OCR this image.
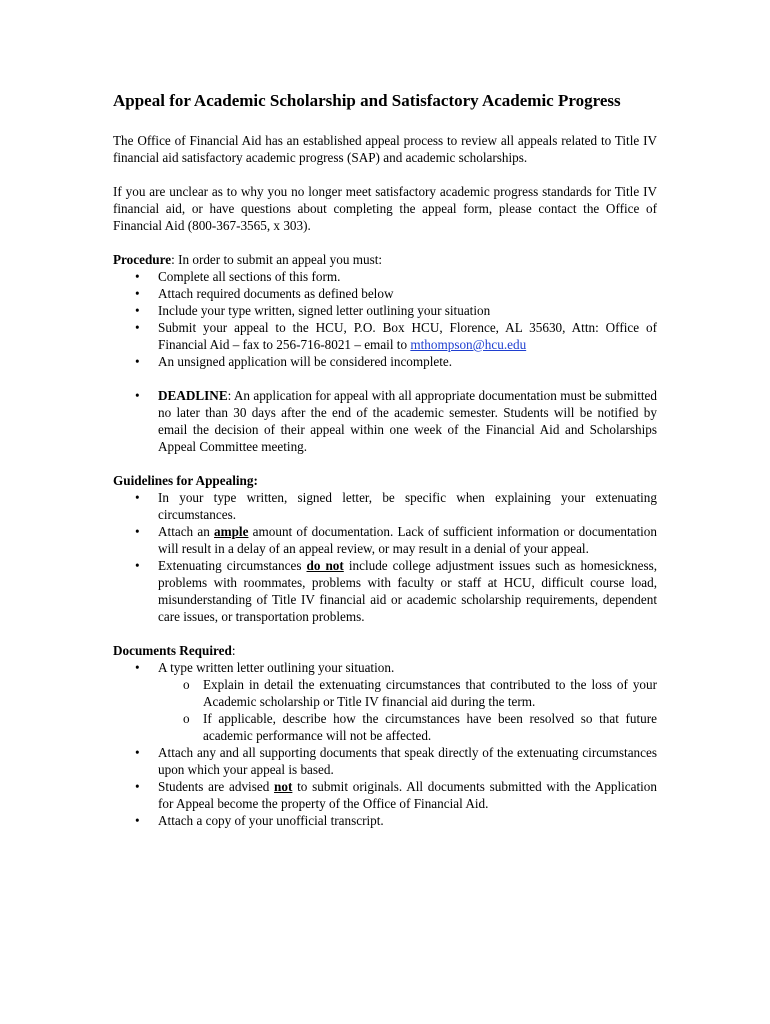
Appeal for Academic Scholarship and Satisfactory Academic Progress

The Office of Financial Aid has an established appeal process to review all appeals related to Title IV financial aid satisfactory academic progress (SAP) and academic scholarships.

If you are unclear as to why you no longer meet satisfactory academic progress standards for Title IV financial aid, or have questions about completing the appeal form, please contact the Office of Financial Aid (800-367-3565, x 303).

Procedure: In order to submit an appeal you must:

•	Complete all sections of this form.
•	Attach required documents as defined below
•	Include your type written, signed letter outlining your situation
•	Submit your appeal to the HCU, P.O. Box HCU, Florence, AL 35630, Attn: Office of Financial Aid – fax to 256-716-8021 – email to mthompson@hcu.edu
•	An unsigned application will be considered incomplete.
•	DEADLINE: An application for appeal with all appropriate documentation must be submitted no later than 30 days after the end of the academic semester. Students will be notified by email the decision of their appeal within one week of the Financial Aid and Scholarships Appeal Committee meeting.

Guidelines for Appealing:

•	In your type written, signed letter, be specific when explaining your extenuating circumstances.
•	Attach an ample amount of documentation. Lack of sufficient information or documentation will result in a delay of an appeal review, or may result in a denial of your appeal.
•	Extenuating circumstances do not include college adjustment issues such as homesickness, problems with roommates, problems with faculty or staff at HCU, difficult course load, misunderstanding of Title IV financial aid or academic scholarship requirements, dependent care issues, or transportation problems.

Documents Required:

•	A type written letter outlining your situation.
o Explain in detail the extenuating circumstances that contributed to the loss of your Academic scholarship or Title IV financial aid during the term.
o If applicable, describe how the circumstances have been resolved so that future academic performance will not be affected.
•	Attach any and all supporting documents that speak directly of the extenuating circumstances upon which your appeal is based.
•	Students are advised not to submit originals. All documents submitted with the Application for Appeal become the property of the Office of Financial Aid.
•	Attach a copy of your unofficial transcript.
